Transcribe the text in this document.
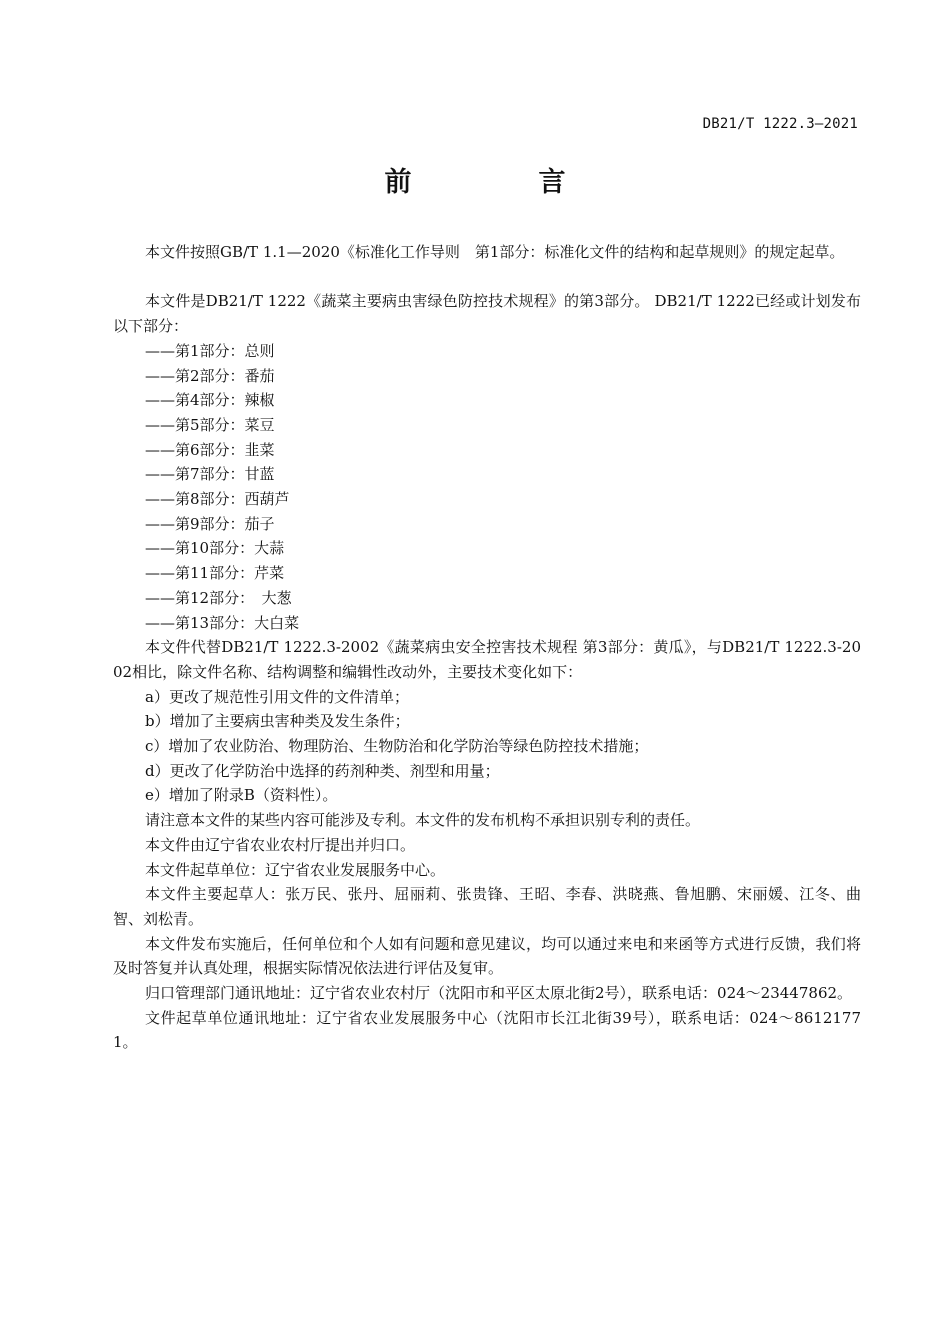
DB21/T 1222.3—2021
前　言

本文件按照GB/T 1.1—2020《标准化工作导则　第1部分：标准化文件的结构和起草规则》的规定起草。

本文件是DB21/T 1222《蔬菜主要病虫害绿色防控技术规程》的第3部分。 DB21/T 1222已经或计划发布以下部分：

——第1部分：总则

——第2部分：番茄

——第4部分：辣椒

——第5部分：菜豆

——第6部分：韭菜

——第7部分：甘蓝

——第8部分：西葫芦

——第9部分：茄子

——第10部分：大蒜

——第11部分：芹菜

——第12部分：　大葱

——第13部分：大白菜

本文件代替DB21/T 1222.3-2002《蔬菜病虫安全控害技术规程 第3部分：黄瓜》，与DB21/T 1222.3-2002相比，除文件名称、结构调整和编辑性改动外，主要技术变化如下：

a）更改了规范性引用文件的文件清单；

b）增加了主要病虫害种类及发生条件；

c）增加了农业防治、物理防治、生物防治和化学防治等绿色防控技术措施；

d）更改了化学防治中选择的药剂种类、剂型和用量；

e）增加了附录B（资料性）。

请注意本文件的某些内容可能涉及专利。本文件的发布机构不承担识别专利的责任。

本文件由辽宁省农业农村厅提出并归口。

本文件起草单位：辽宁省农业发展服务中心。

本文件主要起草人：张万民、张丹、屈丽莉、张贵锋、王昭、李春、洪晓燕、鲁旭鹏、宋丽媛、江冬、曲智、刘松青。

本文件发布实施后，任何单位和个人如有问题和意见建议，均可以通过来电和来函等方式进行反馈，我们将及时答复并认真处理，根据实际情况依法进行评估及复审。

归口管理部门通讯地址：辽宁省农业农村厅（沈阳市和平区太原北街2号），联系电话：024～23447862。

文件起草单位通讯地址：辽宁省农业发展服务中心（沈阳市长江北街39号），联系电话：024～86121771。
